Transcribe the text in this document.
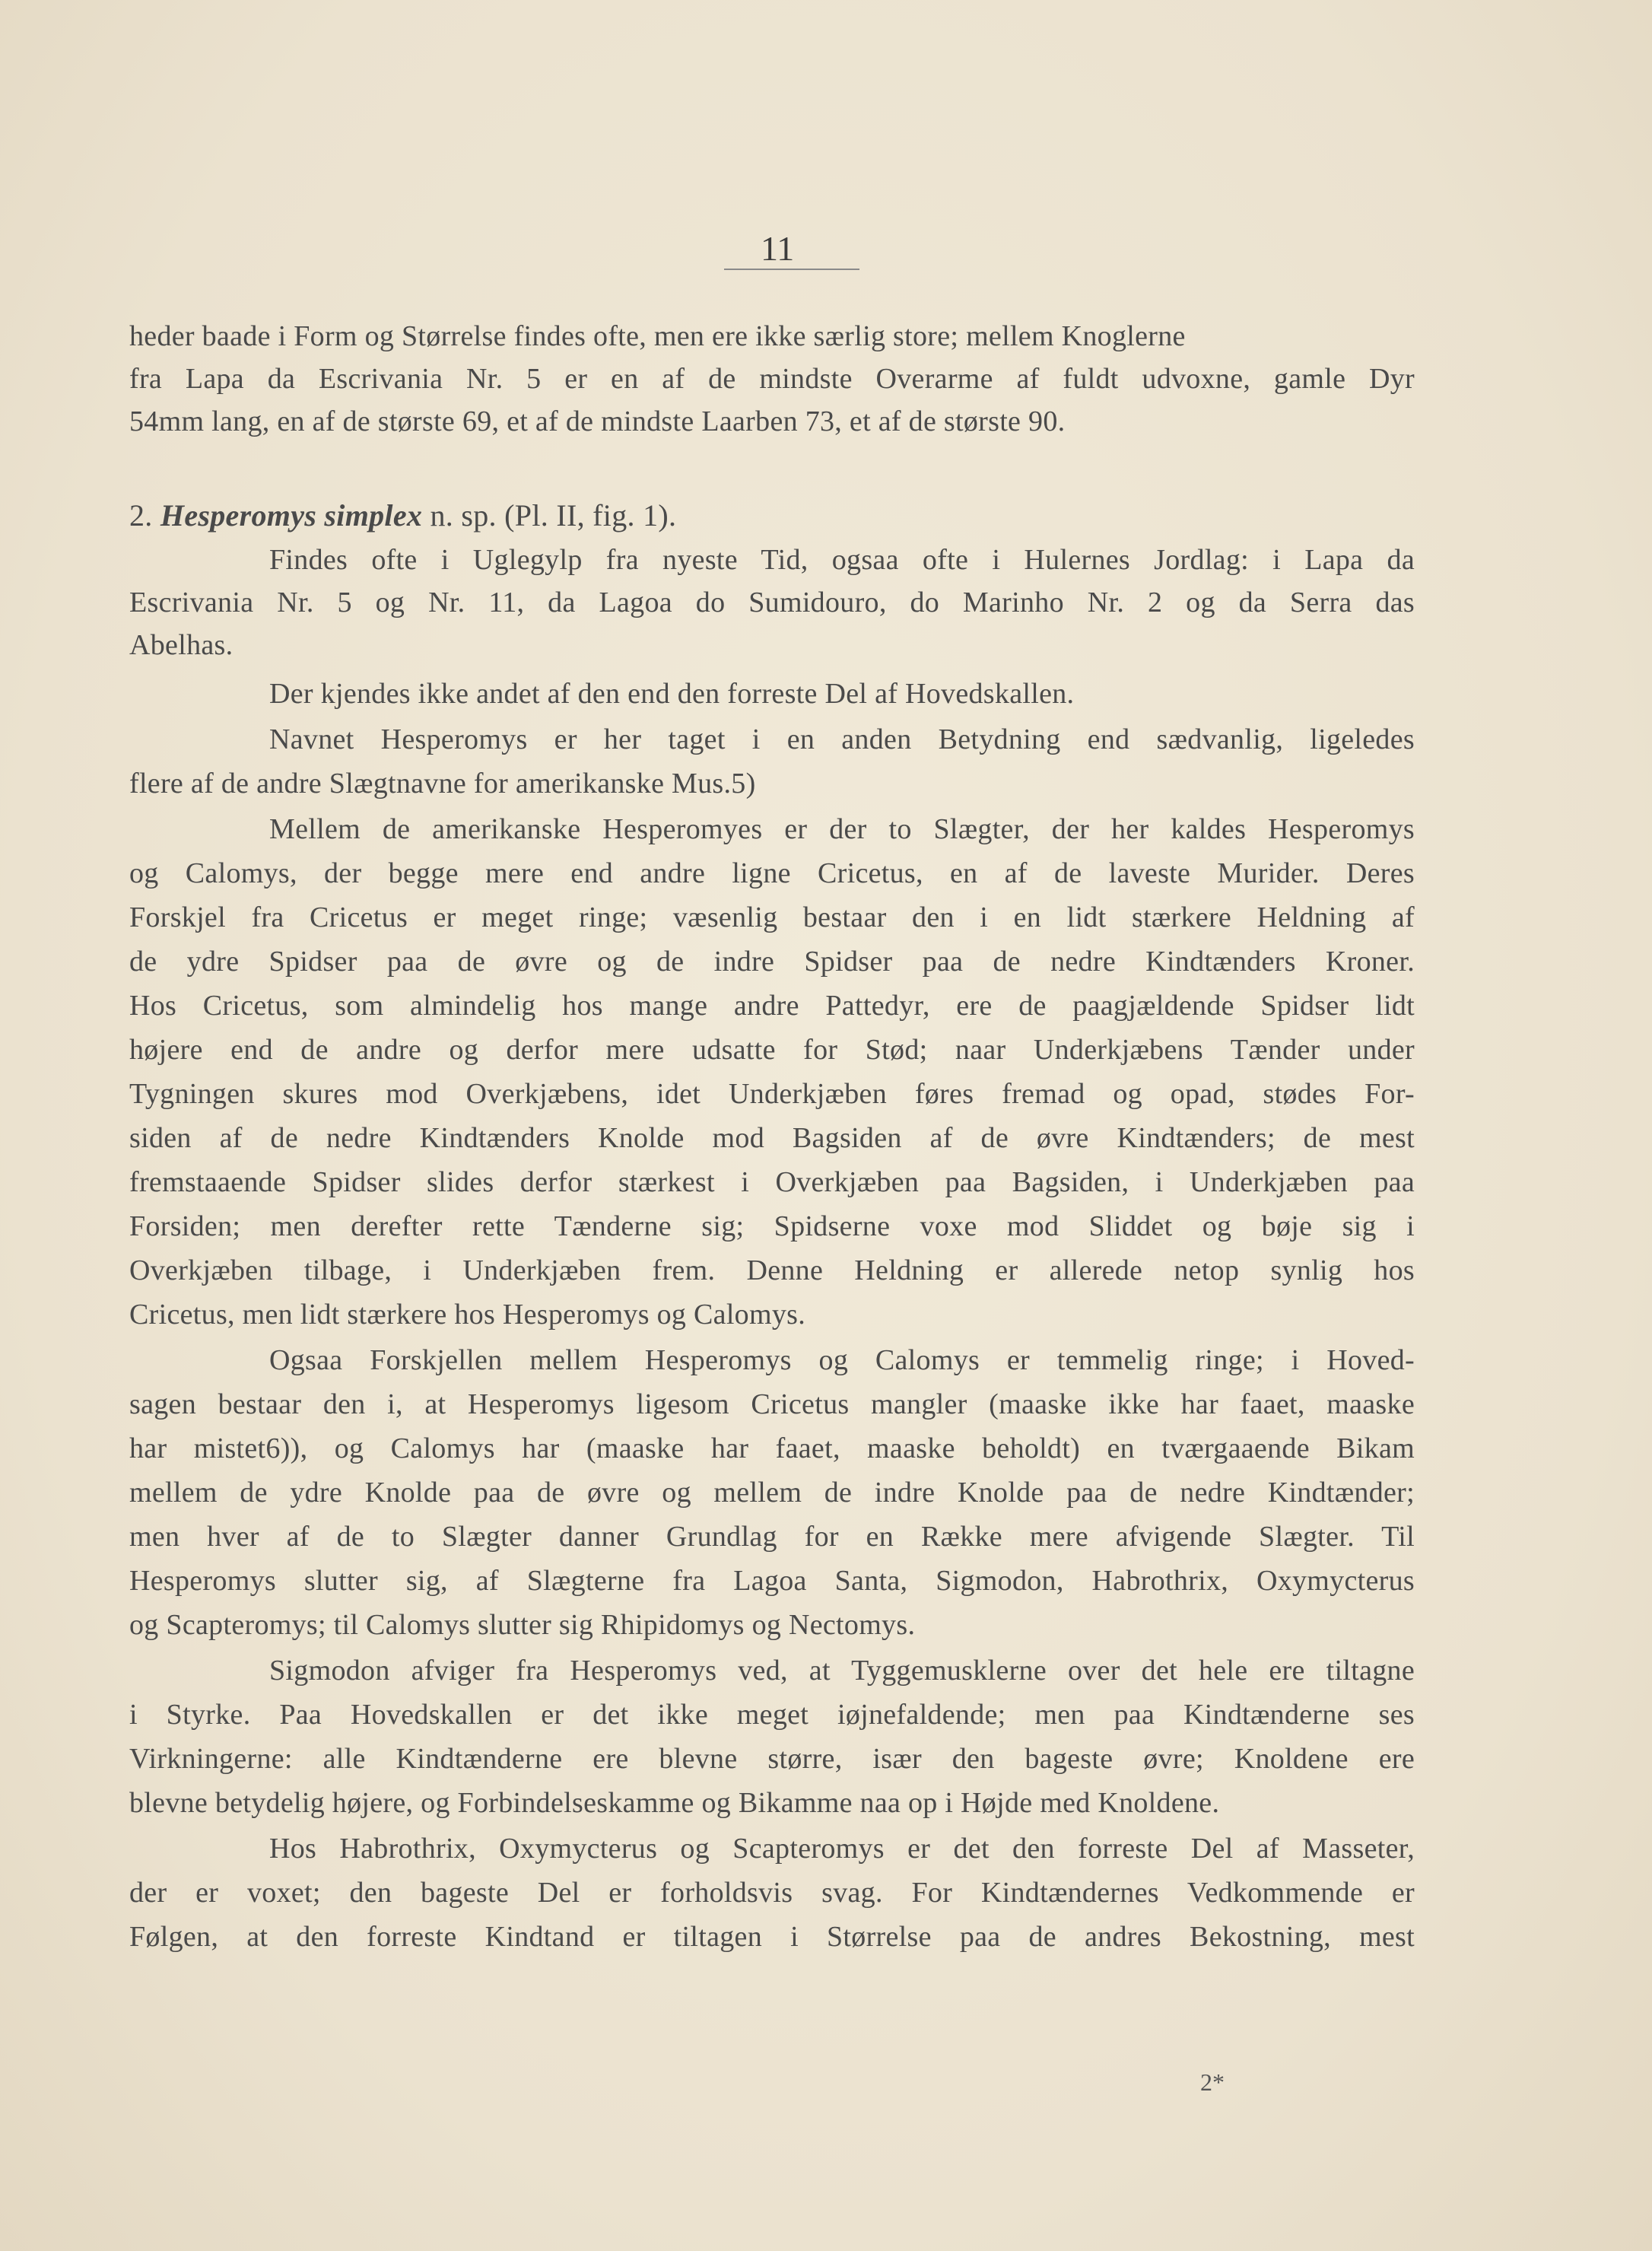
11
heder baade i Form og Størrelse findes ofte, men ere ikke særlig store; mellem Knoglerne
fra Lapa da Escrivania Nr. 5 er en af de mindste Overarme af fuldt udvoxne, gamle Dyr
54mm lang, en af de største 69, et af de mindste Laarben 73, et af de største 90.
2. Hesperomys simplex n. sp. (Pl. II, fig. 1).
Findes ofte i Uglegylp fra nyeste Tid, ogsaa ofte i Hulernes Jordlag: i Lapa da
Escrivania Nr. 5 og Nr. 11, da Lagoa do Sumidouro, do Marinho Nr. 2 og da Serra das
Abelhas.
Der kjendes ikke andet af den end den forreste Del af Hovedskallen.
Navnet Hesperomys er her taget i en anden Betydning end sædvanlig, ligeledes
flere af de andre Slægtnavne for amerikanske Mus.5)
Mellem de amerikanske Hesperomyes er der to Slægter, der her kaldes Hesperomys
og Calomys, der begge mere end andre ligne Cricetus, en af de laveste Murider. Deres
Forskjel fra Cricetus er meget ringe; væsenlig bestaar den i en lidt stærkere Heldning af
de ydre Spidser paa de øvre og de indre Spidser paa de nedre Kindtænders Kroner.
Hos Cricetus, som almindelig hos mange andre Pattedyr, ere de paagjældende Spidser lidt
højere end de andre og derfor mere udsatte for Stød; naar Underkjæbens Tænder under
Tygningen skures mod Overkjæbens, idet Underkjæben føres fremad og opad, stødes For-
siden af de nedre Kindtænders Knolde mod Bagsiden af de øvre Kindtænders; de mest
fremstaaende Spidser slides derfor stærkest i Overkjæben paa Bagsiden, i Underkjæben paa
Forsiden; men derefter rette Tænderne sig; Spidserne voxe mod Sliddet og bøje sig i
Overkjæben tilbage, i Underkjæben frem. Denne Heldning er allerede netop synlig hos
Cricetus, men lidt stærkere hos Hesperomys og Calomys.
Ogsaa Forskjellen mellem Hesperomys og Calomys er temmelig ringe; i Hoved-
sagen bestaar den i, at Hesperomys ligesom Cricetus mangler (maaske ikke har faaet, maaske
har mistet6)), og Calomys har (maaske har faaet, maaske beholdt) en tværgaaende Bikam
mellem de ydre Knolde paa de øvre og mellem de indre Knolde paa de nedre Kindtænder;
men hver af de to Slægter danner Grundlag for en Række mere afvigende Slægter. Til
Hesperomys slutter sig, af Slægterne fra Lagoa Santa, Sigmodon, Habrothrix, Oxymycterus
og Scapteromys; til Calomys slutter sig Rhipidomys og Nectomys.
Sigmodon afviger fra Hesperomys ved, at Tyggemusklerne over det hele ere tiltagne
i Styrke. Paa Hovedskallen er det ikke meget iøjnefaldende; men paa Kindtænderne ses
Virkningerne: alle Kindtænderne ere blevne større, især den bageste øvre; Knoldene ere
blevne betydelig højere, og Forbindelseskamme og Bikamme naa op i Højde med Knoldene.
Hos Habrothrix, Oxymycterus og Scapteromys er det den forreste Del af Masseter,
der er voxet; den bageste Del er forholdsvis svag. For Kindtændernes Vedkommende er
Følgen, at den forreste Kindtand er tiltagen i Størrelse paa de andres Bekostning, mest
2*
